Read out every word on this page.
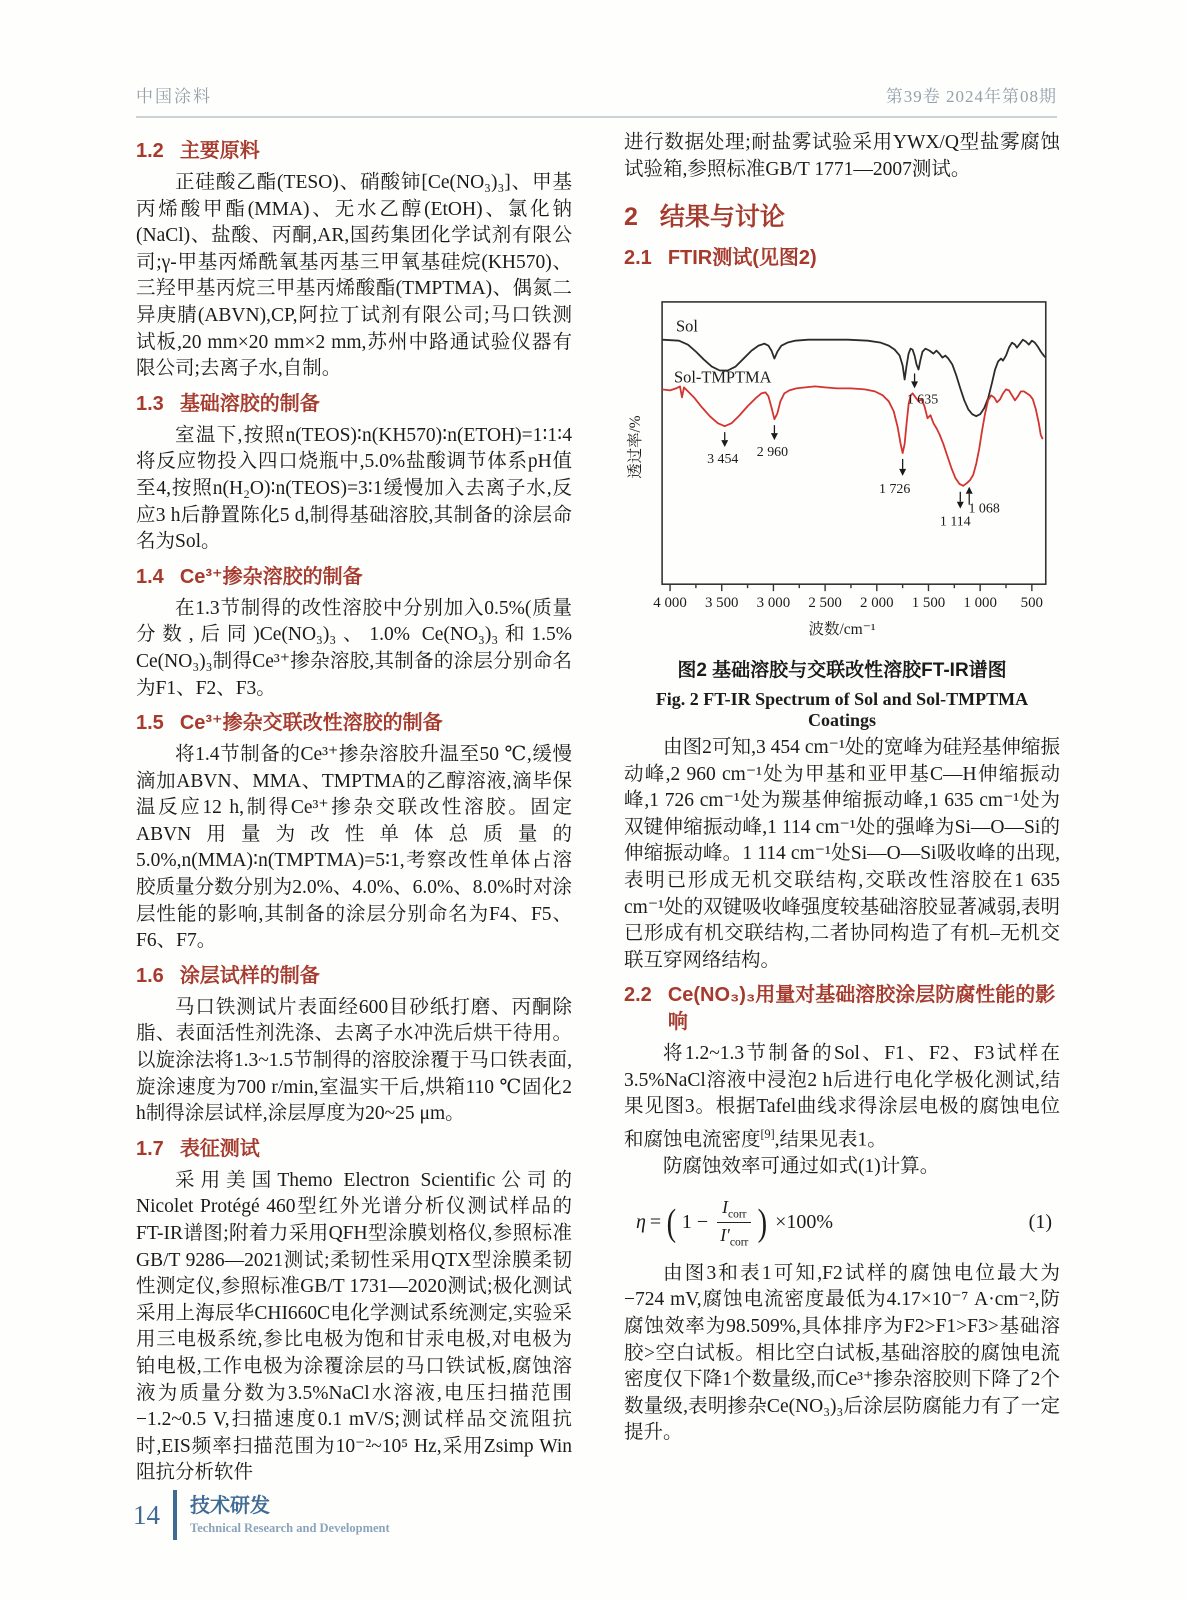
中国涂料	第39卷 2024年第08期
1.2 主要原料

正硅酸乙酯(TESO)、硝酸铈[Ce(NO₃)₃]、甲基丙烯酸甲酯(MMA)、无水乙醇(EtOH)、氯化钠(NaCl)、盐酸、丙酮,AR,国药集团化学试剂有限公司;γ-甲基丙烯酰氧基丙基三甲氧基硅烷(KH570)、三羟甲基丙烷三甲基丙烯酸酯(TMPTMA)、偶氮二异庚腈(ABVN),CP,阿拉丁试剂有限公司;马口铁测试板,20 mm×20 mm×2 mm,苏州中路通试验仪器有限公司;去离子水,自制。

1.3 基础溶胶的制备

室温下,按照n(TEOS)∶n(KH570)∶n(ETOH)=1∶1∶4将反应物投入四口烧瓶中,5.0%盐酸调节体系pH值至4,按照n(H₂O)∶n(TEOS)=3∶1缓慢加入去离子水,反应3 h后静置陈化5 d,制得基础溶胶,其制备的涂层命名为Sol。

1.4 Ce³⁺掺杂溶胶的制备

在1.3节制得的改性溶胶中分别加入0.5%(质量分数,后同)Ce(NO₃)₃、1.0% Ce(NO₃)₃和1.5% Ce(NO₃)₃制得Ce³⁺掺杂溶胶,其制备的涂层分别命名为F1、F2、F3。

1.5 Ce³⁺掺杂交联改性溶胶的制备

将1.4节制备的Ce³⁺掺杂溶胶升温至50 ℃,缓慢滴加ABVN、MMA、TMPTMA的乙醇溶液,滴毕保温反应12 h,制得Ce³⁺掺杂交联改性溶胶。固定ABVN用量为改性单体总质量的5.0%,n(MMA)∶n(TMPTMA)=5∶1,考察改性单体占溶胶质量分数分别为2.0%、4.0%、6.0%、8.0%时对涂层性能的影响,其制备的涂层分别命名为F4、F5、F6、F7。

1.6 涂层试样的制备

马口铁测试片表面经600目砂纸打磨、丙酮除脂、表面活性剂洗涤、去离子水冲洗后烘干待用。以旋涂法将1.3~1.5节制得的溶胶涂覆于马口铁表面,旋涂速度为700 r/min,室温实干后,烘箱110 ℃固化2 h制得涂层试样,涂层厚度为20~25 μm。

1.7 表征测试

采用美国Themo Electron Scientific公司的Nicolet Protégé 460型红外光谱分析仪测试样品的FT-IR谱图;附着力采用QFH型涂膜划格仪,参照标准GB/T 9286—2021测试;柔韧性采用QTX型涂膜柔韧性测定仪,参照标准GB/T 1731—2020测试;极化测试采用上海辰华CHI660C电化学测试系统测定,实验采用三电极系统,参比电极为饱和甘汞电极,对电极为铂电极,工作电极为涂覆涂层的马口铁试板,腐蚀溶液为质量分数为3.5%NaCl水溶液,电压扫描范围−1.2~0.5 V,扫描速度0.1 mV/S;测试样品交流阻抗时,EIS频率扫描范围为10⁻²~10⁵ Hz,采用Zsimp Win阻抗分析软件

进行数据处理;耐盐雾试验采用YWX/Q型盐雾腐蚀试验箱,参照标准GB/T 1771—2007测试。

2 结果与讨论
2.1 FTIR测试(见图2)
4 000 3 500 3 000 2 500 2 000 1 500 1 000 500
透过率/%
Sol
Sol-TMPTMA
3 454 2 960
1 726
1 635
1 114
1 068
波数/cm⁻¹
图2 基础溶胶与交联改性溶胶FT-IR谱图
Fig. 2 FT-IR Spectrum of Sol and Sol-TMPTMA Coatings

由图2可知,3 454 cm⁻¹处的宽峰为硅羟基伸缩振动峰,2 960 cm⁻¹处为甲基和亚甲基C—H伸缩振动峰,1 726 cm⁻¹处为羰基伸缩振动峰,1 635 cm⁻¹处为双键伸缩振动峰,1 114 cm⁻¹处的强峰为Si—O—Si的伸缩振动峰。1 114 cm⁻¹处Si—O—Si吸收峰的出现,表明已形成无机交联结构,交联改性溶胶在1 635 cm⁻¹处的双键吸收峰强度较基础溶胶显著减弱,表明已形成有机交联结构,二者协同构造了有机–无机交联互穿网络结构。

2.2 Ce(NO₃)₃用量对基础溶胶涂层防腐性能的影响

将1.2~1.3节制备的Sol、F1、F2、F3试样在3.5%NaCl溶液中浸泡2 h后进行电化学极化测试,结果见图3。根据Tafel曲线求得涂层电极的腐蚀电位和腐蚀电流密度[9],结果见表1。

防腐蚀效率可通过如式(1)计算。

η = ( $1 - \frac{I_{corr}}{I'_{corr}}$ ) ×100%	(1)

由图3和表1可知,F2试样的腐蚀电位最大为−724 mV,腐蚀电流密度最低为4.17×10⁻⁷ A·cm⁻²,防腐蚀效率为98.509%,具体排序为F2>F1>F3>基础溶胶>空白试板。相比空白试板,基础溶胶的腐蚀电流密度仅下降1个数量级,而Ce³⁺掺杂溶胶则下降了2个数量级,表明掺杂Ce(NO₃)₃后涂层防腐能力有了一定提升。

14 技术研发
Technical Research and Development
